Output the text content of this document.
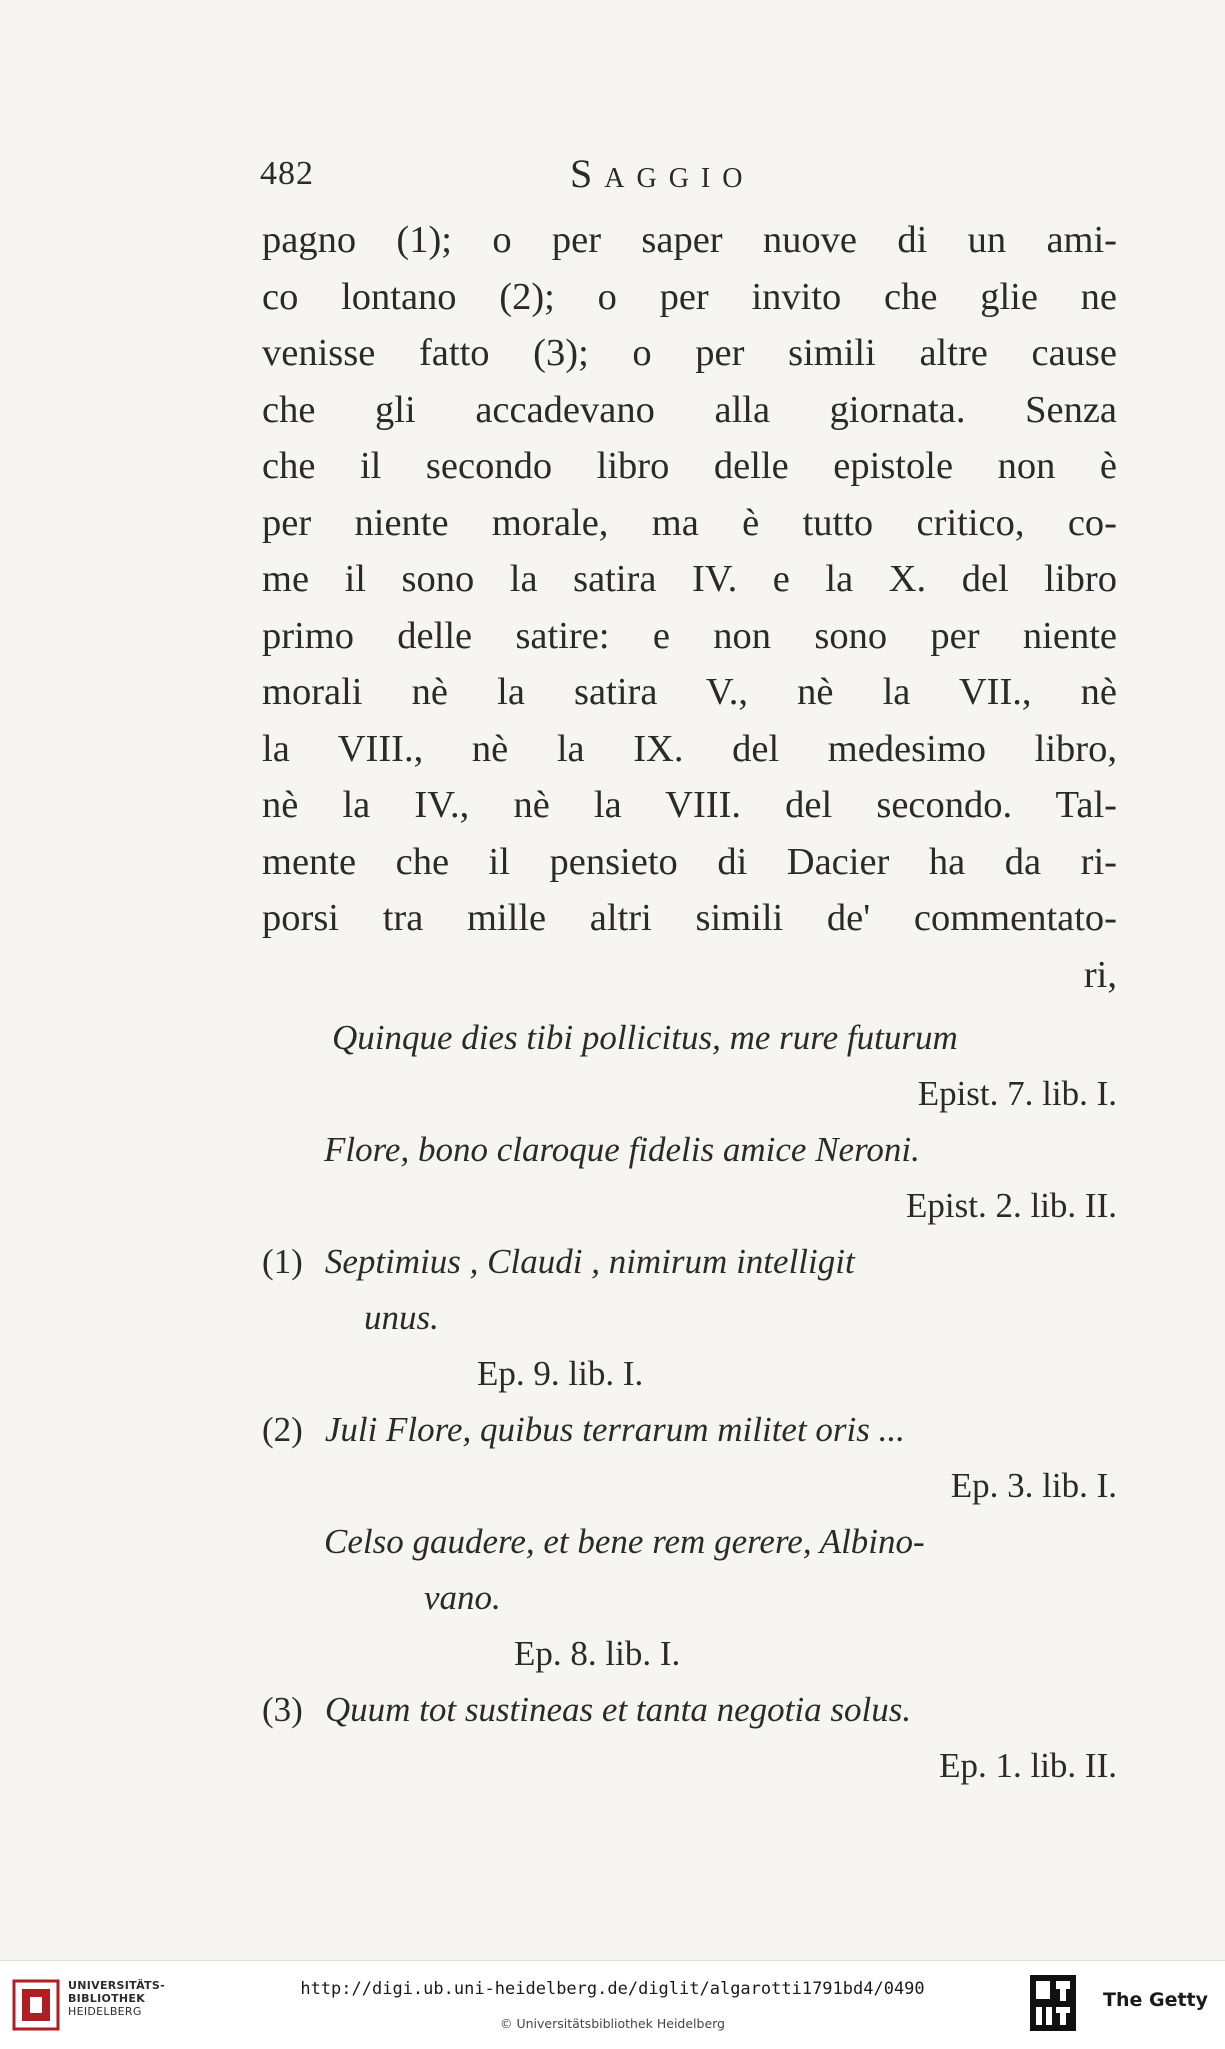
482	Saggio
pagno (1); o per saper nuove di un ami-
co lontano (2); o per invito che glie ne
venisse fatto (3); o per simili altre cause
che gli accadevano alla giornata. Senza
che il secondo libro delle epistole non è
per niente morale, ma è tutto critico, co-
me il sono la satira IV. e la X. del libro
primo delle satire: e non sono per niente
morali nè la satira V., nè la VII., nè
la VIII., nè la IX. del medesimo libro,
nè la IV., nè la VIII. del secondo. Tal-
mente che il pensieto di Dacier ha da ri-
porsi tra mille altri simili de' commentato-
ri,
Quinque dies tibi pollicitus, me rure futurum
Epist. 7. lib. I.
Flore, bono claroque fidelis amice Neroni.
Epist. 2. lib. II.
(1) Septimius , Claudi , nimirum intelligit
unus.
Ep. 9. lib. I.
(2) Juli Flore, quibus terrarum militet oris ...
Ep. 3. lib. I.
Celso gaudere, et bene rem gerere, Albino-
vano.
Ep. 8. lib. I.
(3) Quum tot sustineas et tanta negotia solus.
Ep. 1. lib. II.
UNIVERSITÄTS-
BIBLIOTHEK
HEIDELBERG
http://digi.ub.uni-heidelberg.de/diglit/algarotti1791bd4/0490
© Universitätsbibliothek Heidelberg
The Getty
